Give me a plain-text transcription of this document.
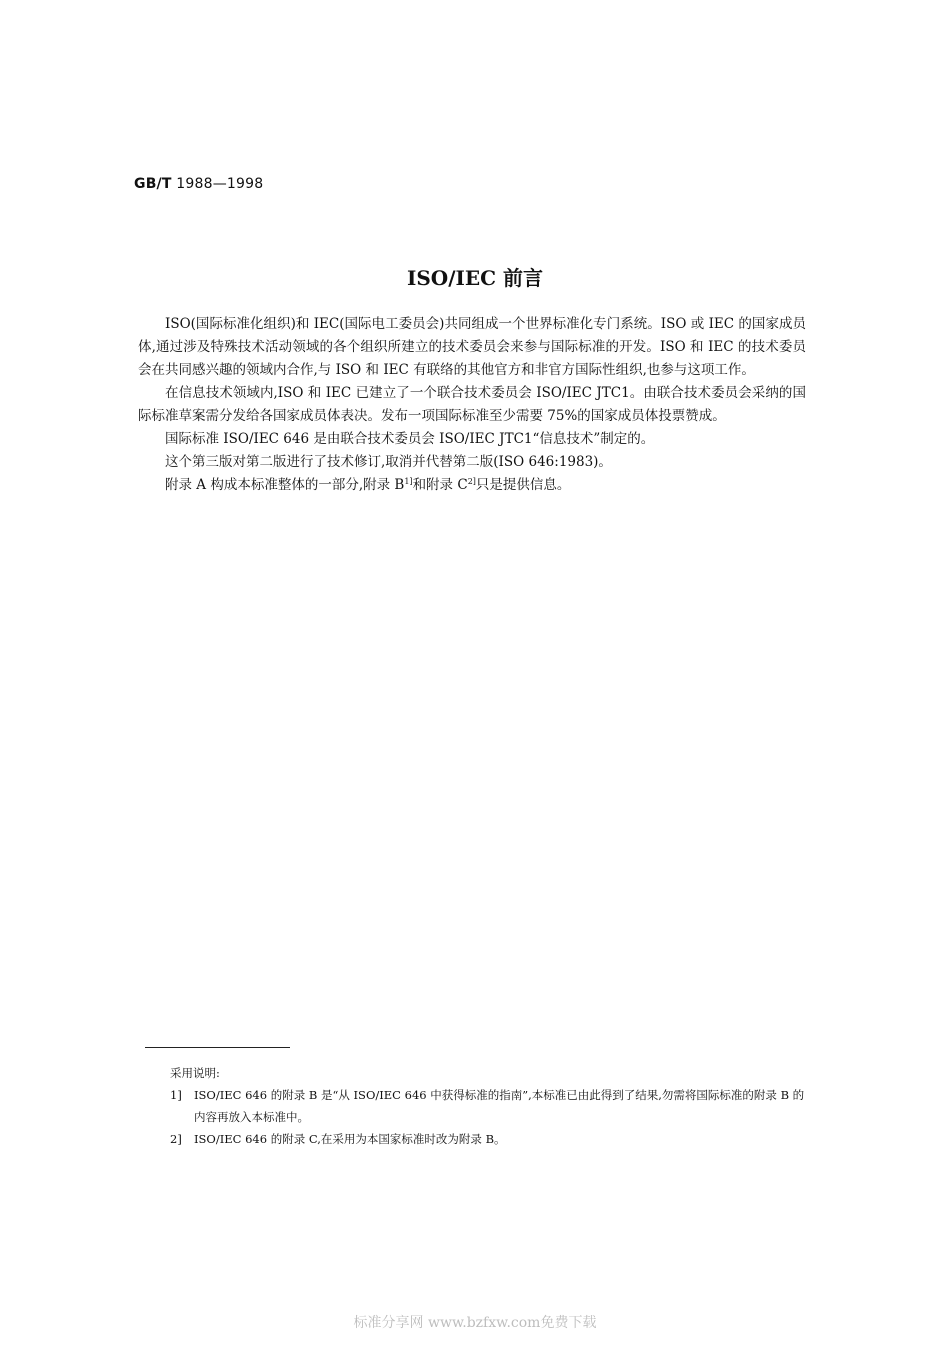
GB/T 1988—1998
ISO/IEC 前言

ISO(国际标准化组织)和 IEC(国际电工委员会)共同组成一个世界标准化专门系统。ISO 或 IEC 的国家成员体,通过涉及特殊技术活动领域的各个组织所建立的技术委员会来参与国际标准的开发。ISO 和 IEC 的技术委员会在共同感兴趣的领域内合作,与 ISO 和 IEC 有联络的其他官方和非官方国际性组织,也参与这项工作。

在信息技术领域内,ISO 和 IEC 已建立了一个联合技术委员会 ISO/IEC JTC1。由联合技术委员会采纳的国际标准草案需分发给各国家成员体表决。发布一项国际标准至少需要 75%的国家成员体投票赞成。

国际标准 ISO/IEC 646 是由联合技术委员会 ISO/IEC JTC1“信息技术”制定的。

这个第三版对第二版进行了技术修订,取消并代替第二版(ISO 646:1983)。

附录 A 构成本标准整体的一部分,附录 $B^{1]}$和附录 $C^{2]}$只是提供信息。

采用说明:

1] ISO/IEC 646 的附录 B 是“从 ISO/IEC 646 中获得标准的指南”,本标准已由此得到了结果,勿需将国际标准的附录 B 的内容再放入本标准中。

2] ISO/IEC 646 的附录 C,在采用为本国家标准时改为附录 B。

标准分享网 www.bzfxw.com免费下载
